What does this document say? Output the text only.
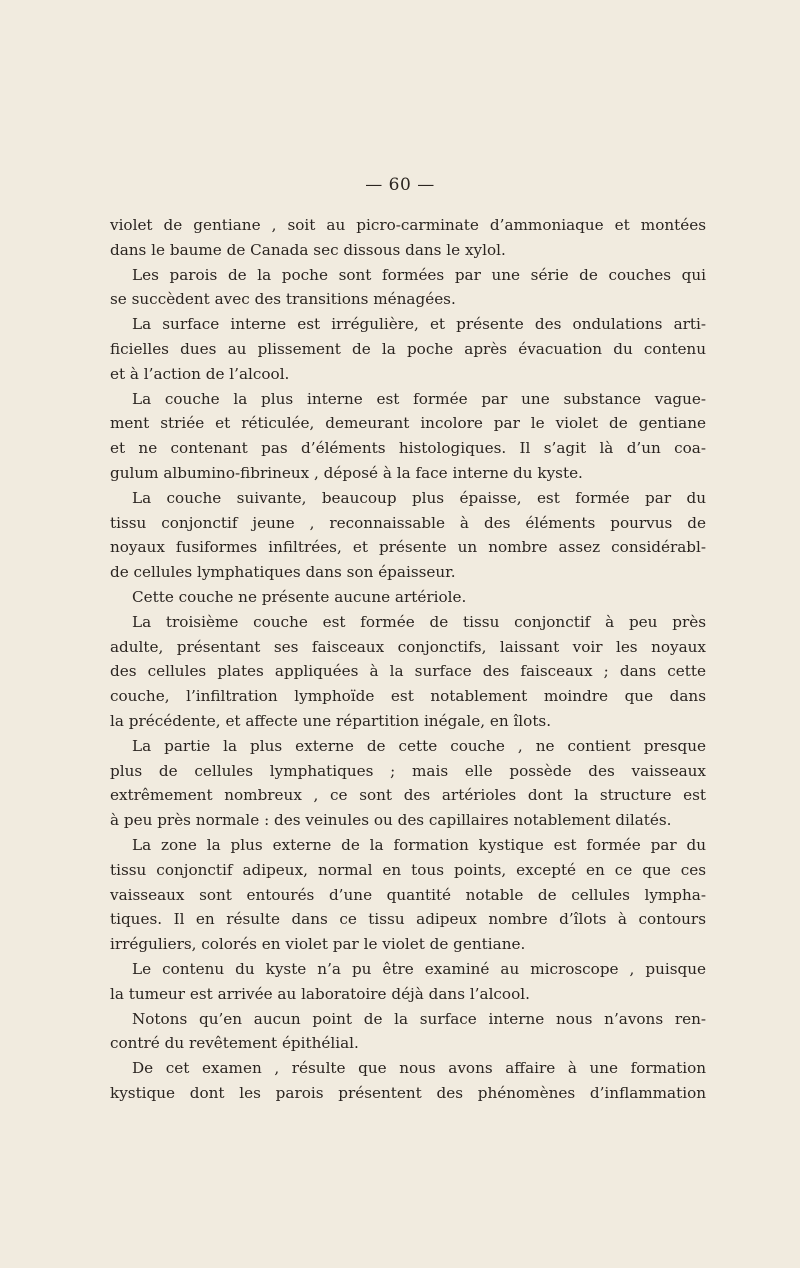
— 60 —
violet de gentiane , soit au picro-carminate d’ammoniaque et montées
dans le baume de Canada sec dissous dans le xylol.
Les parois de la poche sont formées par une série de couches qui
se succèdent avec des transitions ménagées.
La surface interne est irrégulière, et présente des ondulations arti-
ficielles dues au plissement de la poche après évacuation du contenu
et à l’action de l’alcool.
La couche la plus interne est formée par une substance vague-
ment striée et réticulée, demeurant incolore par le violet de gentiane
et ne contenant pas d’éléments histologiques. Il s’agit là d’un coa-
gulum albumino-fibrineux , déposé à la face interne du kyste.
La couche suivante, beaucoup plus épaisse, est formée par du
tissu conjonctif jeune , reconnaissable à des éléments pourvus de
noyaux fusiformes infiltrées, et présente un nombre assez considérabl-
de cellules lymphatiques dans son épaisseur.
Cette couche ne présente aucune artériole.
La troisième couche est formée de tissu conjonctif à peu près
adulte, présentant ses faisceaux conjonctifs, laissant voir les noyaux
des cellules plates appliquées à la surface des faisceaux ; dans cette
couche, l’infiltration lymphoïde est notablement moindre que dans
la précédente, et affecte une répartition inégale, en îlots.
La partie la plus externe de cette couche , ne contient presque
plus de cellules lymphatiques ; mais elle possède des vaisseaux
extrêmement nombreux , ce sont des artérioles dont la structure est
à peu près normale : des veinules ou des capillaires notablement dilatés.
La zone la plus externe de la formation kystique est formée par du
tissu conjonctif adipeux, normal en tous points, excepté en ce que ces
vaisseaux sont entourés d’une quantité notable de cellules lympha-
tiques. Il en résulte dans ce tissu adipeux nombre d’îlots à contours
irréguliers, colorés en violet par le violet de gentiane.
Le contenu du kyste n’a pu être examiné au microscope , puisque
la tumeur est arrivée au laboratoire déjà dans l’alcool.
Notons qu’en aucun point de la surface interne nous n’avons ren-
contré du revêtement épithélial.
De cet examen , résulte que nous avons affaire à une formation
kystique dont les parois présentent des phénomènes d’inflammation
